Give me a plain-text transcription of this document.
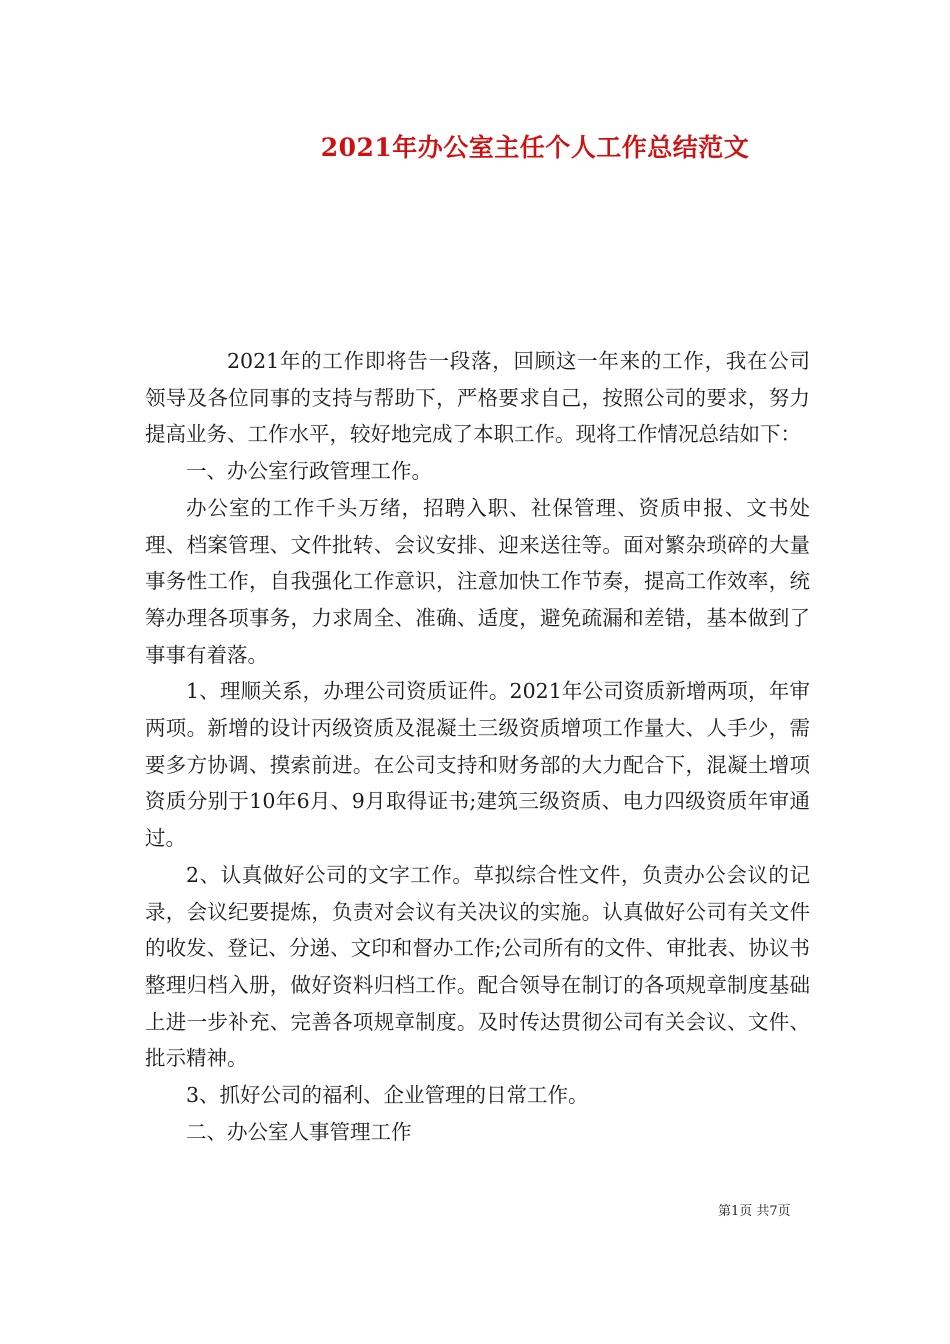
2021年办公室主任个人工作总结范文

2021年的工作即将告一段落，回顾这一年来的工作，我在公司领导及各位同事的支持与帮助下，严格要求自己，按照公司的要求，努力提高业务、工作水平，较好地完成了本职工作。现将工作情况总结如下：

一、办公室行政管理工作。

办公室的工作千头万绪，招聘入职、社保管理、资质申报、文书处理、档案管理、文件批转、会议安排、迎来送往等。面对繁杂琐碎的大量事务性工作，自我强化工作意识，注意加快工作节奏，提高工作效率，统筹办理各项事务，力求周全、准确、适度，避免疏漏和差错，基本做到了事事有着落。

1、理顺关系，办理公司资质证件。2021年公司资质新增两项，年审两项。新增的设计丙级资质及混凝土三级资质增项工作量大、人手少，需要多方协调、摸索前进。在公司支持和财务部的大力配合下，混凝土增项资质分别于10年6月、9月取得证书;建筑三级资质、电力四级资质年审通过。

2、认真做好公司的文字工作。草拟综合性文件，负责办公会议的记录，会议纪要提炼，负责对会议有关决议的实施。认真做好公司有关文件的收发、登记、分递、文印和督办工作;公司所有的文件、审批表、协议书整理归档入册，做好资料归档工作。配合领导在制订的各项规章制度基础上进一步补充、完善各项规章制度。及时传达贯彻公司有关会议、文件、批示精神。

3、抓好公司的福利、企业管理的日常工作。

二、办公室人事管理工作

第1页 共7页
